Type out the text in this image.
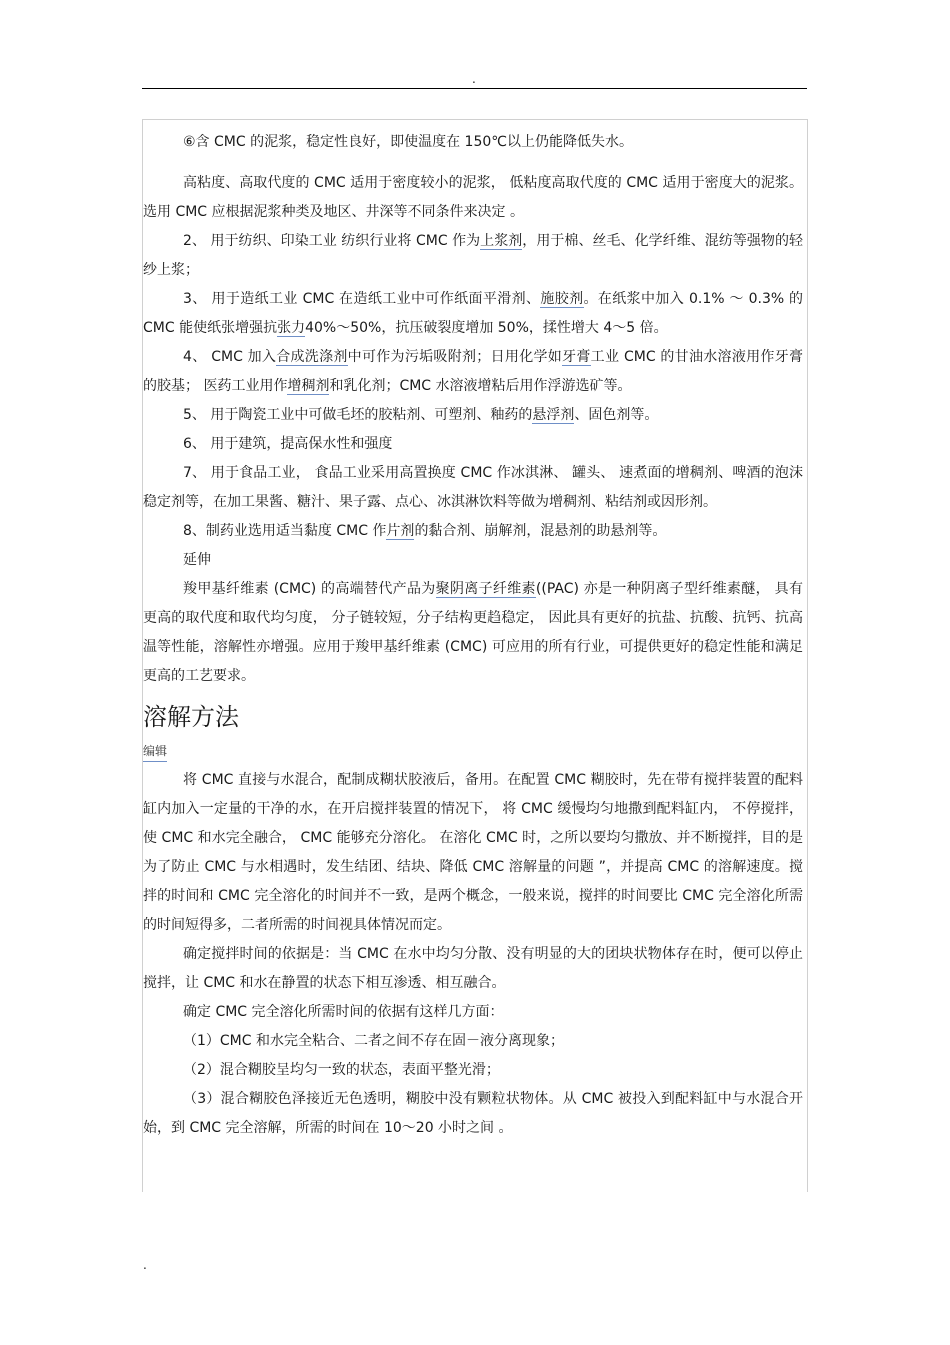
.

⑥含 CMC 的泥浆，稳定性良好，即使温度在 150℃以上仍能降低失水。

高粘度、高取代度的 CMC 适用于密度较小的泥浆， 低粘度高取代度的 CMC 适用于密度大的泥浆。选用 CMC 应根据泥浆种类及地区、井深等不同条件来决定 。

2、 用于纺织、印染工业 纺织行业将 CMC 作为上浆剂，用于棉、丝毛、化学纤维、混纺等强物的轻纱上浆；

3、 用于造纸工业 CMC 在造纸工业中可作纸面平滑剂、施胶剂。在纸浆中加入 0.1% ～ 0.3% 的 CMC 能使纸张增强抗张力40%～50%，抗压破裂度增加 50%，揉性增大 4～5 倍。

4、 CMC 加入合成洗涤剂中可作为污垢吸附剂；日用化学如牙膏工业 CMC 的甘油水溶液用作牙膏的胶基； 医药工业用作增稠剂和乳化剂；CMC 水溶液增粘后用作浮游选矿等。

5、 用于陶瓷工业中可做毛坯的胶粘剂、可塑剂、釉药的悬浮剂、固色剂等。

6、 用于建筑，提高保水性和强度

7、 用于食品工业， 食品工业采用高置换度 CMC 作冰淇淋、 罐头、 速煮面的增稠剂、啤酒的泡沫稳定剂等，在加工果酱、糖汁、果子露、点心、冰淇淋饮料等做为增稠剂、粘结剂或因形剂。

8、制药业选用适当黏度 CMC 作片剂的黏合剂、崩解剂，混悬剂的助悬剂等。

延伸

羧甲基纤维素 (CMC) 的高端替代产品为聚阴离子纤维素((PAC) 亦是一种阴离子型纤维素醚， 具有更高的取代度和取代均匀度， 分子链较短，分子结构更趋稳定， 因此具有更好的抗盐、抗酸、抗钙、抗高温等性能，溶解性亦增强。应用于羧甲基纤维素 (CMC) 可应用的所有行业，可提供更好的稳定性能和满足更高的工艺要求。

溶解方法
编辑

将 CMC 直接与水混合，配制成糊状胶液后，备用。在配置 CMC 糊胶时，先在带有搅拌装置的配料缸内加入一定量的干净的水，在开启搅拌装置的情况下， 将 CMC 缓慢均匀地撒到配料缸内， 不停搅拌， 使 CMC 和水完全融合， CMC 能够充分溶化。 在溶化 CMC 时，之所以要均匀撒放、并不断搅拌，目的是 为了防止 CMC 与水相遇时，发生结团、结块、降低 CMC 溶解量的问题 ”，并提高 CMC 的溶解速度。搅拌的时间和 CMC 完全溶化的时间并不一致，是两个概念，一般来说，搅拌的时间要比 CMC 完全溶化所需的时间短得多，二者所需的时间视具体情况而定。

确定搅拌时间的依据是：当 CMC 在水中均匀分散、没有明显的大的团块状物体存在时，便可以停止搅拌，让 CMC 和水在静置的状态下相互渗透、相互融合。

确定 CMC 完全溶化所需时间的依据有这样几方面：

（1）CMC 和水完全粘合、二者之间不存在固－液分离现象；

（2）混合糊胶呈均匀一致的状态，表面平整光滑；

（3）混合糊胶色泽接近无色透明，糊胶中没有颗粒状物体。从 CMC 被投入到配料缸中与水混合开始，到 CMC 完全溶解，所需的时间在 10～20 小时之间 。

.
